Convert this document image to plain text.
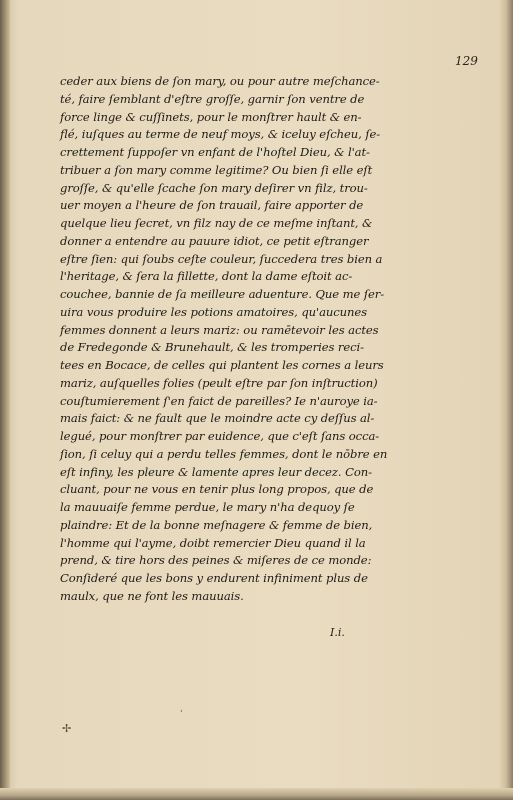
129
ceder aux biens de ſon mary, ou pour autre meſchance-
té, faire ſemblant d'eſtre groſſe, garnir ſon ventre de
force linge & cuſſinets, pour le monſtrer hault & en-
flé, iuſques au terme de neuf moys, & iceluy eſcheu, ſe-
crettement ſuppoſer vn enfant de l'hoſtel Dieu, & l'at-
tribuer a ſon mary comme legitime? Ou bien ſi elle eſt
groſſe, & qu'elle ſcache ſon mary deſirer vn filz, trou-
uer moyen a l'heure de ſon trauail, faire apporter de
quelque lieu ſecret, vn filz nay de ce meſme inſtant, &
donner a entendre au pauure idiot, ce petit eſtranger
eſtre ſien: qui ſoubs ceſte couleur, ſuccedera tres bien a
l'heritage, & ſera la fillette, dont la dame eſtoit ac-
couchee, bannie de ſa meilleure aduenture. Que me ſer-
uira vous produire les potions amatoires, qu'aucunes
femmes donnent a leurs mariz: ou ramētevoir les actes
de Fredegonde & Brunehault, & les tromperies reci-
tees en Bocace, de celles qui plantent les cornes a leurs
mariz, auſquelles folies (peult eſtre par ſon inſtruction)
couſtumierement ſ'en faict de pareilles? Ie n'auroye ia-
mais faict: & ne fault que le moindre acte cy deſſus al-
legué, pour monſtrer par euidence, que c'eſt ſans occa-
ſion, ſi celuy qui a perdu telles femmes, dont le nōbre en
eſt infiny, les pleure & lamente apres leur decez. Con-
cluant, pour ne vous en tenir plus long propos, que de
la mauuaiſe femme perdue, le mary n'ha dequoy ſe
plaindre: Et de la bonne meſnagere & femme de bien,
l'homme qui l'ayme, doibt remercier Dieu quand il la
prend, & tire hors des peines & miſeres de ce monde:
Conſideré que les bons y endurent infiniment plus de
maulx, que ne font les mauuais.
I.i.
ˌ
✢
